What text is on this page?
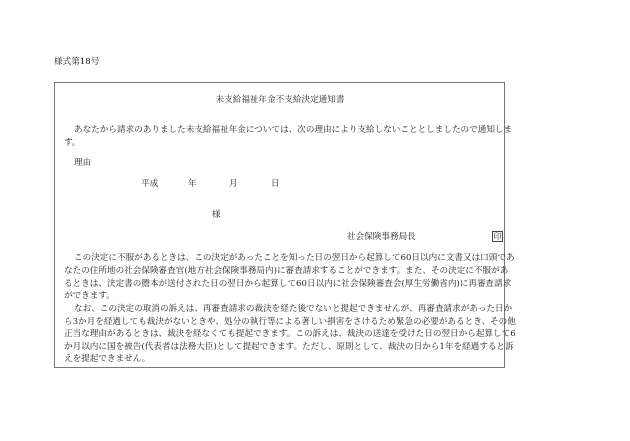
様式第18号
未支給福祉年金不支給決定通知書
あなたから請求のありました未支給福祉年金については、次の理由により支給しないこととしましたので通知しま
す。
理由
平成	年	月	日
様
社会保険事務局長	印
この決定に不服があるときは、この決定があったことを知った日の翌日から起算して60日以内に文書又は口頭であ
なたの住所地の社会保険審査官(地方社会保険事務局内)に審査請求することができます。また、その決定に不服があ
るときは、決定書の謄本が送付された日の翌日から起算して60日以内に社会保険審査会(厚生労働省内)に再審査請求
ができます。
なお、この決定の取消の訴えは、再審査請求の裁決を経た後でないと提起できませんが、再審査請求があった日か
ら3か月を経過しても裁決がないときや、処分の執行等による著しい損害をさけるため緊急の必要があるとき、その他
正当な理由があるときは、裁決を経なくても提起できます。この訴えは、裁決の送達を受けた日の翌日から起算して6
か月以内に国を被告(代表者は法務大臣)として提起できます。ただし、原則として、裁決の日から1年を経過すると訴
えを提起できません。
